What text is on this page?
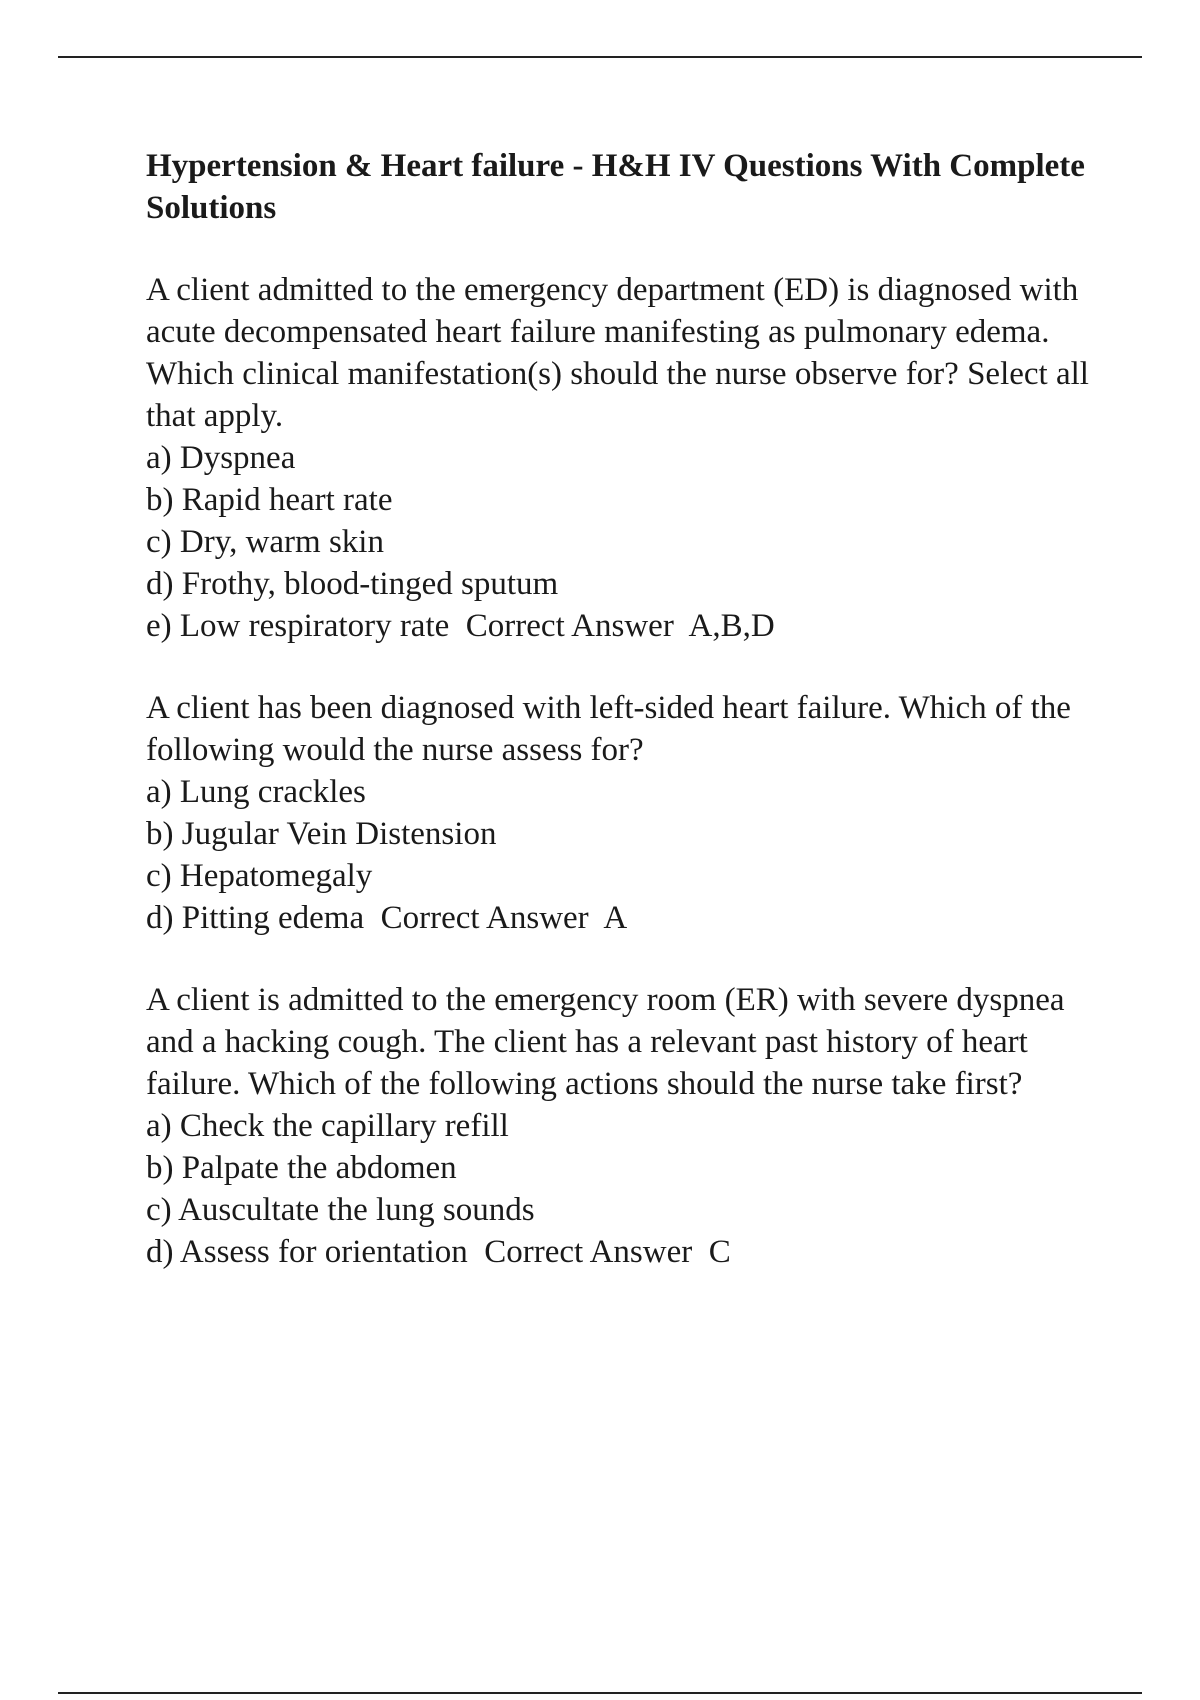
Hypertension & Heart failure - H&H IV Questions With Complete Solutions

A client admitted to the emergency department (ED) is diagnosed with acute decompensated heart failure manifesting as pulmonary edema. Which clinical manifestation(s) should the nurse observe for? Select all that apply.

a) Dyspnea
b) Rapid heart rate
c) Dry, warm skin
d) Frothy, blood-tinged sputum
e) Low respiratory rate Correct Answer A,B,D

A client has been diagnosed with left-sided heart failure. Which of the following would the nurse assess for?

a) Lung crackles
b) Jugular Vein Distension
c) Hepatomegaly
d) Pitting edema Correct Answer A

A client is admitted to the emergency room (ER) with severe dyspnea and a hacking cough. The client has a relevant past history of heart failure. Which of the following actions should the nurse take first?

a) Check the capillary refill
b) Palpate the abdomen
c) Auscultate the lung sounds
d) Assess for orientation Correct Answer C
